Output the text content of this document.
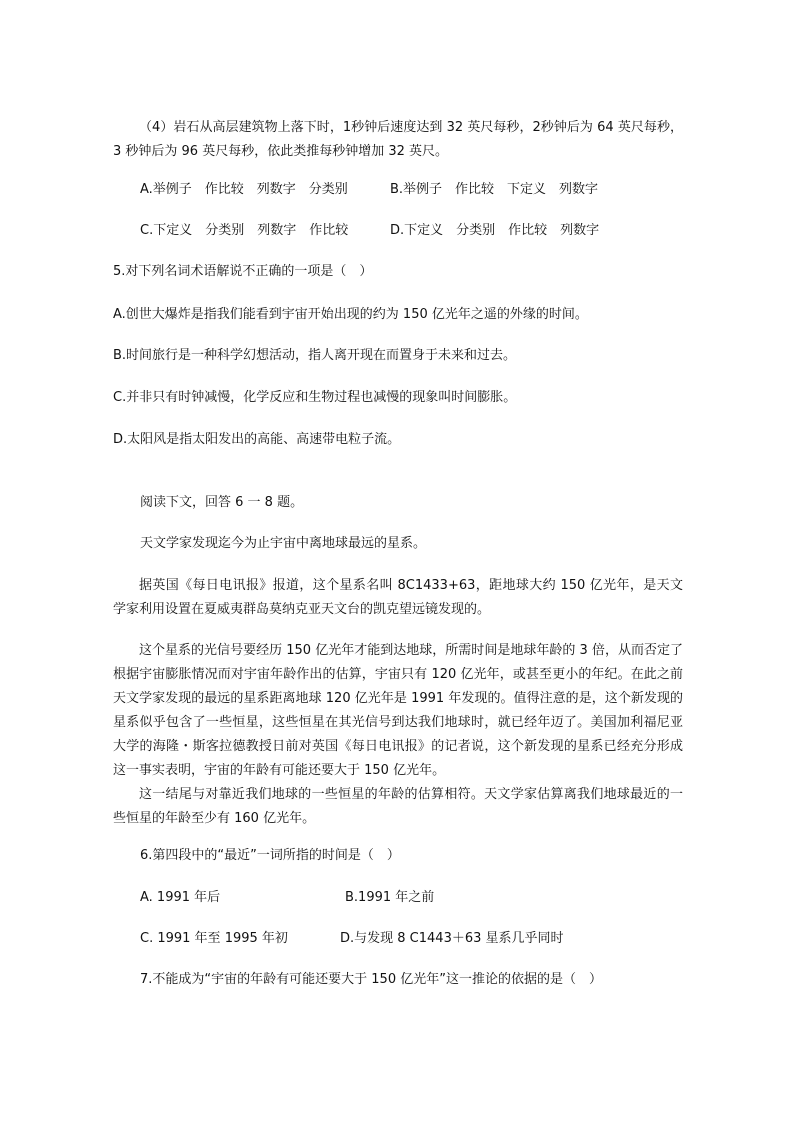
（4）岩石从高层建筑物上落下时，1秒钟后速度达到 32 英尺每秒，2秒钟后为 64 英尺每秒，3 秒钟后为 96 英尺每秒，依此类推每秒钟增加 32 英尺。
A.举例子　作比较　列数字　分类别	B.举例子　作比较　下定义　列数字
C.下定义　分类别　列数字　作比较	D.下定义　分类别　作比较　列数字
5.对下列名词术语解说不正确的一项是（　）
A.创世大爆炸是指我们能看到宇宙开始出现的约为 150 亿光年之遥的外缘的时间。
B.时间旅行是一种科学幻想活动，指人离开现在而置身于未来和过去。
C.并非只有时钟减慢，化学反应和生物过程也减慢的现象叫时间膨胀。
D.太阳风是指太阳发出的高能、高速带电粒子流。
阅读下文，回答 6 一 8 题。
天文学家发现迄今为止宇宙中离地球最远的星系。
据英国《每日电讯报》报道，这个星系名叫 8C1433+63，距地球大约 150 亿光年，是天文学家利用设置在夏威夷群岛莫纳克亚天文台的凯克望远镜发现的。
这个星系的光信号要经历 150 亿光年才能到达地球，所需时间是地球年龄的 3 倍，从而否定了根据宇宙膨胀情况而对宇宙年龄作出的估算，宇宙只有 120 亿光年，或甚至更小的年纪。在此之前天文学家发现的最远的星系距离地球 120 亿光年是 1991 年发现的。值得注意的是，这个新发现的星系似乎包含了一些恒星，这些恒星在其光信号到达我们地球时，就已经年迈了。美国加利福尼亚大学的海隆・斯客拉德教授日前对英国《每日电讯报》的记者说，这个新发现的星系已经充分形成这一事实表明，宇宙的年龄有可能还要大于 150 亿光年。
这一结尾与对靠近我们地球的一些恒星的年龄的估算相符。天文学家估算离我们地球最近的一些恒星的年龄至少有 160 亿光年。
6.第四段中的“最近”一词所指的时间是（　）
A. 1991 年后	B.1991 年之前
C. 1991 年至 1995 年初	D.与发现 8 C1443＋63 星系几乎同时
7.不能成为“宇宙的年龄有可能还要大于 150 亿光年”这一推论的依据的是（　）
